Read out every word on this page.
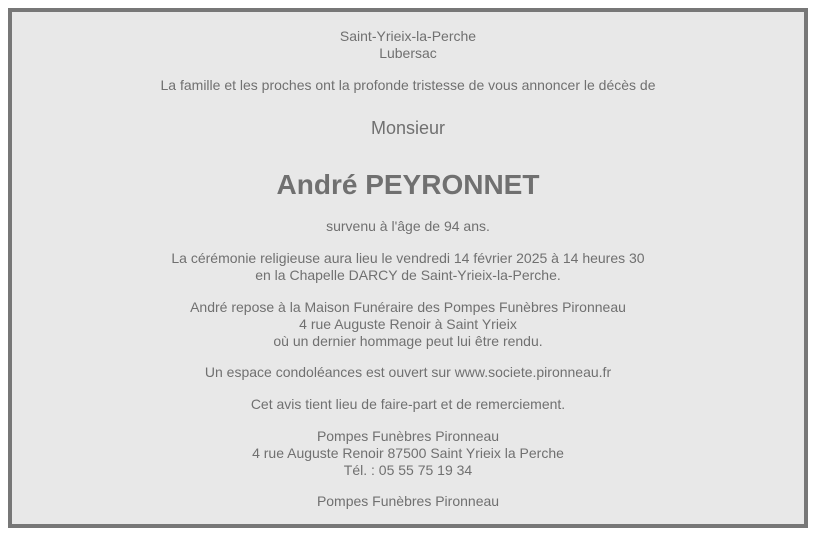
Saint-Yrieix-la-Perche
Lubersac
La famille et les proches ont la profonde tristesse de vous annoncer le décès de
Monsieur
André PEYRONNET
survenu à l'âge de 94 ans.
La cérémonie religieuse aura lieu le vendredi 14 février 2025 à 14 heures 30
en la Chapelle DARCY de Saint-Yrieix-la-Perche.
André repose à la Maison Funéraire des Pompes Funèbres Pironneau
4 rue Auguste Renoir à Saint Yrieix
où un dernier hommage peut lui être rendu.
Un espace condoléances est ouvert sur www.societe.pironneau.fr
Cet avis tient lieu de faire-part et de remerciement.
Pompes Funèbres Pironneau
4 rue Auguste Renoir 87500 Saint Yrieix la Perche
Tél. : 05 55 75 19 34
Pompes Funèbres Pironneau
